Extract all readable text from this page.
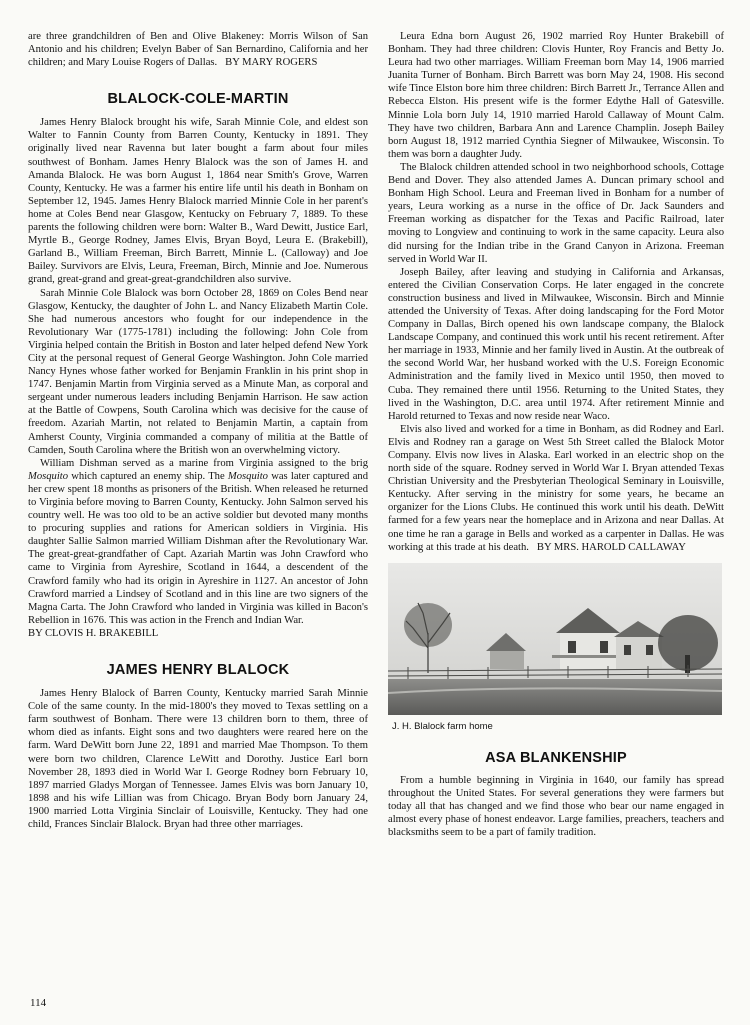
are three grandchildren of Ben and Olive Blakeney: Morris Wilson of San Antonio and his children; Evelyn Baber of San Bernardino, California and her children; and Mary Louise Rogers of Dallas. BY MARY ROGERS

BLALOCK-COLE-MARTIN

James Henry Blalock brought his wife, Sarah Minnie Cole, and eldest son Walter to Fannin County from Barren County, Kentucky in 1891. They originally lived near Ravenna but later bought a farm about four miles southwest of Bonham. James Henry Blalock was the son of James H. and Amanda Blalock. He was born August 1, 1864 near Smith's Grove, Warren County, Kentucky. He was a farmer his entire life until his death in Bonham on September 12, 1945. James Henry Blalock married Minnie Cole in her parent's home at Coles Bend near Glasgow, Kentucky on February 7, 1889. To these parents the following children were born: Walter B., Ward Dewitt, Justice Earl, Myrtle B., George Rodney, James Elvis, Bryan Boyd, Leura E. (Brakebill), Garland B., William Freeman, Birch Barrett, Minnie L. (Calloway) and Joe Bailey. Survivors are Elvis, Leura, Freeman, Birch, Minnie and Joe. Numerous grand, great-grand and great-great-grandchildren also survive.

Sarah Minnie Cole Blalock was born October 28, 1869 on Coles Bend near Glasgow, Kentucky, the daughter of John L. and Nancy Elizabeth Martin Cole. She had numerous ancestors who fought for our independence in the Revolutionary War (1775-1781) including the following: John Cole from Virginia helped contain the British in Boston and later helped defend New York City at the personal request of General George Washington. John Cole married Nancy Hynes whose father worked for Benjamin Franklin in his print shop in 1747. Benjamin Martin from Virginia served as a Minute Man, as corporal and sergeant under numerous leaders including Benjamin Harrison. He saw action at the Battle of Cowpens, South Carolina which was decisive for the cause of freedom. Azariah Martin, not related to Benjamin Martin, a captain from Amherst County, Virginia commanded a company of militia at the Battle of Camden, South Carolina where the British won an overwhelming victory.

William Dishman served as a marine from Virginia assigned to the brig Mosquito which captured an enemy ship. The Mosquito was later captured and her crew spent 18 months as prisoners of the British. When released he returned to Virginia before moving to Barren County, Kentucky. John Salmon served his country well. He was too old to be an active soldier but devoted many months to procuring supplies and rations for American soldiers in Virginia. His daughter Sallie Salmon married William Dishman after the Revolutionary War. The great-great-grandfather of Capt. Azariah Martin was John Crawford who came to Virginia from Ayreshire, Scotland in 1644, a descendent of the Crawford family who had its origin in Ayreshire in 1127. An ancestor of John Crawford married a Lindsey of Scotland and in this line are two signers of the Magna Carta. The John Crawford who landed in Virginia was killed in Bacon's Rebellion in 1676. This was action in the French and Indian War.

BY CLOVIS H. BRAKEBILL

JAMES HENRY BLALOCK

James Henry Blalock of Barren County, Kentucky married Sarah Minnie Cole of the same county. In the mid-1800's they moved to Texas settling on a farm southwest of Bonham. There were 13 children born to them, three of whom died as infants. Eight sons and two daughters were reared here on the farm. Ward DeWitt born June 22, 1891 and married Mae Thompson. To them were born two children, Clarence LeWitt and Dorothy. Justice Earl born November 28, 1893 died in World War I. George Rodney born February 10, 1897 married Gladys Morgan of Tennessee. James Elvis was born January 10, 1898 and his wife Lillian was from Chicago. Bryan Body born January 24, 1900 married Lotta Virginia Sinclair of Louisville, Kentucky. They had one child, Frances Sinclair Blalock. Bryan had three other marriages.

Leura Edna born August 26, 1902 married Roy Hunter Brakebill of Bonham. They had three children: Clovis Hunter, Roy Francis and Betty Jo. Leura had two other marriages. William Freeman born May 14, 1906 married Juanita Turner of Bonham. Birch Barrett was born May 24, 1908. His second wife Tince Elston bore him three children: Birch Barrett Jr., Terrance Allen and Rebecca Elston. His present wife is the former Edythe Hall of Gatesville. Minnie Lola born July 14, 1910 married Harold Callaway of Mount Calm. They have two children, Barbara Ann and Larence Champlin. Joseph Bailey born August 18, 1912 married Cynthia Siegner of Milwaukee, Wisconsin. To them was born a daughter Judy.

The Blalock children attended school in two neighborhood schools, Cottage Bend and Dover. They also attended James A. Duncan primary school and Bonham High School. Leura and Freeman lived in Bonham for a number of years, Leura working as a nurse in the office of Dr. Jack Saunders and Freeman working as dispatcher for the Texas and Pacific Railroad, later moving to Longview and continuing to work in the same capacity. Leura also did nursing for the Indian tribe in the Grand Canyon in Arizona. Freeman served in World War II.

Joseph Bailey, after leaving and studying in California and Arkansas, entered the Civilian Conservation Corps. He later engaged in the concrete construction business and lived in Milwaukee, Wisconsin. Birch and Minnie attended the University of Texas. After doing landscaping for the Ford Motor Company in Dallas, Birch opened his own landscape company, the Blalock Landscape Company, and continued this work until his recent retirement. After her marriage in 1933, Minnie and her family lived in Austin. At the outbreak of the second World War, her husband worked with the U.S. Foreign Economic Administration and the family lived in Mexico until 1950, then moved to Cuba. They remained there until 1956. Returning to the United States, they lived in the Washington, D.C. area until 1974. After retirement Minnie and Harold returned to Texas and now reside near Waco.

Elvis also lived and worked for a time in Bonham, as did Rodney and Earl. Elvis and Rodney ran a garage on West 5th Street called the Blalock Motor Company. Elvis now lives in Alaska. Earl worked in an electric shop on the north side of the square. Rodney served in World War I. Bryan attended Texas Christian University and the Presbyterian Theological Seminary in Louisville, Kentucky. After serving in the ministry for some years, he became an organizer for the Lions Clubs. He continued this work until his death. DeWitt farmed for a few years near the homeplace and in Arizona and near Dallas. At one time he ran a garage in Bells and worked as a carpenter in Dallas. He was working at this trade at his death. BY MRS. HAROLD CALLAWAY

J. H. Blalock farm home
ASA BLANKENSHIP

From a humble beginning in Virginia in 1640, our family has spread throughout the United States. For several generations they were farmers but today all that has changed and we find those who bear our name engaged in almost every phase of honest endeavor. Large families, preachers, teachers and blacksmiths seem to be a part of family tradition.

114
